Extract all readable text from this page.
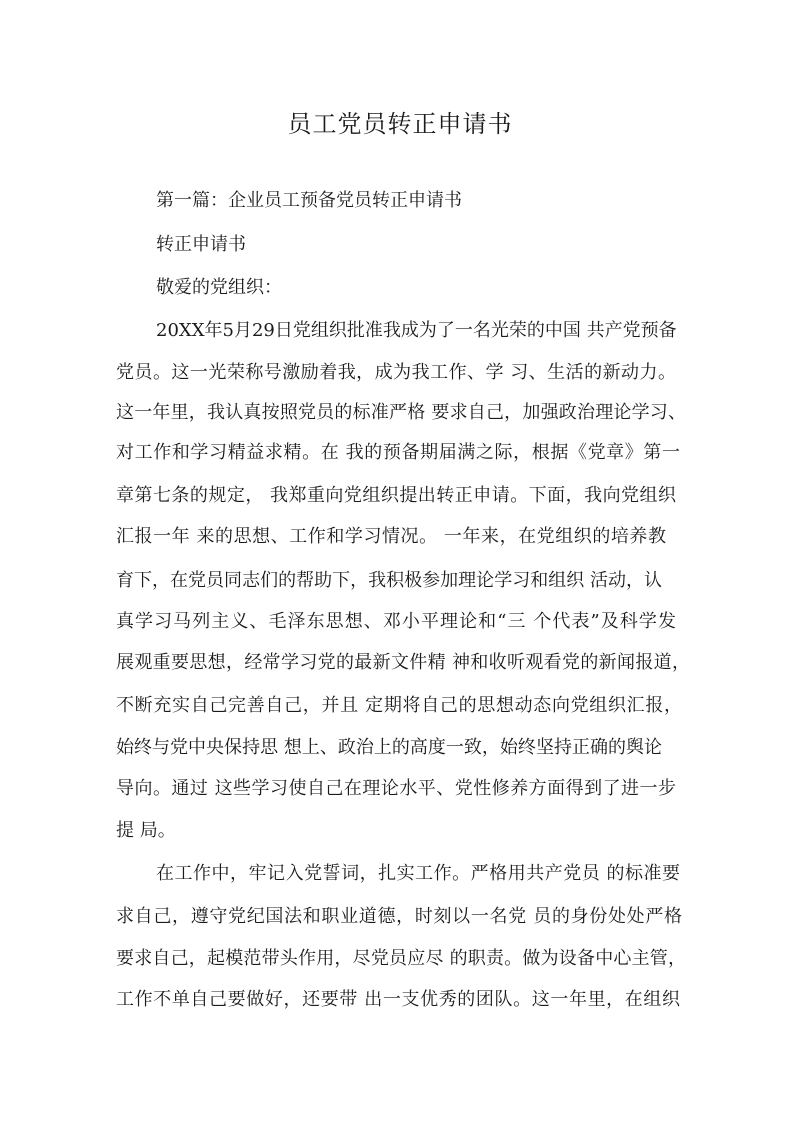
员工党员转正申请书
第一篇：企业员工预备党员转正申请书
转正申请书
敬爱的党组织：
20XX年5月29日党组织批准我成为了一名光荣的中国 共产党预备
党员。这一光荣称号激励着我，成为我工作、学 习、生活的新动力。
这一年里，我认真按照党员的标准严格 要求自己，加强政治理论学习、
对工作和学习精益求精。在 我的预备期届满之际，根据《党章》第一
章第七条的规定， 我郑重向党组织提出转正申请。下面，我向党组织
汇报一年 来的思想、工作和学习情况。 一年来，在党组织的培养教
育下，在党员同志们的帮助下，我积极参加理论学习和组织 活动，认
真学习马列主义、毛泽东思想、邓小平理论和“三 个代表”及科学发
展观重要思想，经常学习党的最新文件精 神和收听观看党的新闻报道，
不断充实自己完善自己，并且 定期将自己的思想动态向党组织汇报，
始终与党中央保持思 想上、政治上的高度一致，始终坚持正确的舆论
导向。通过 这些学习使自己在理论水平、党性修养方面得到了进一步
提 局。
在工作中，牢记入党誓词，扎实工作。严格用共产党员 的标准要
求自己，遵守党纪国法和职业道德，时刻以一名党 员的身份处处严格
要求自己，起模范带头作用，尽党员应尽 的职责。做为设备中心主管，
工作不单自己要做好，还要带 出一支优秀的团队。这一年里，在组织
